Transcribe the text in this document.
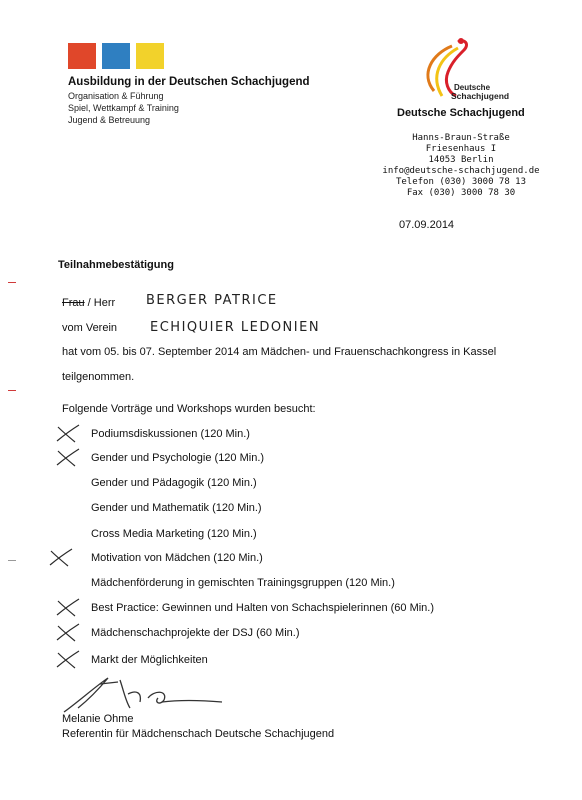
Ausbildung in der Deutschen Schachjugend
Organisation & Führung
Spiel, Wettkampf & Training
Jugend & Betreuung
Deutsche
Schachjugend
Deutsche Schachjugend
Hanns-Braun-Straße
Friesenhaus I
14053 Berlin
info@deutsche-schachjugend.de
Telefon (030) 3000 78 13
Fax (030) 3000 78 30
07.09.2014
Teilnahmebestätigung
Frau / Herr BERGER PATRICE
vom Verein	ECHIQUIER LEDONIEN
hat vom 05. bis 07. September 2014 am Mädchen- und Frauenschachkongress in Kassel
teilgenommen.
Folgende Vorträge und Workshops wurden besucht:
Podiumsdiskussionen (120 Min.)
Gender und Psychologie (120 Min.)
Gender und Pädagogik (120 Min.)
Gender und Mathematik (120 Min.)
Cross Media Marketing (120 Min.)
Motivation von Mädchen (120 Min.)
Mädchenförderung in gemischten Trainingsgruppen (120 Min.)
Best Practice: Gewinnen und Halten von Schachspielerinnen (60 Min.)
Mädchenschachprojekte der DSJ (60 Min.)
Markt der Möglichkeiten
Melanie Ohme
Referentin für Mädchenschach Deutsche Schachjugend
